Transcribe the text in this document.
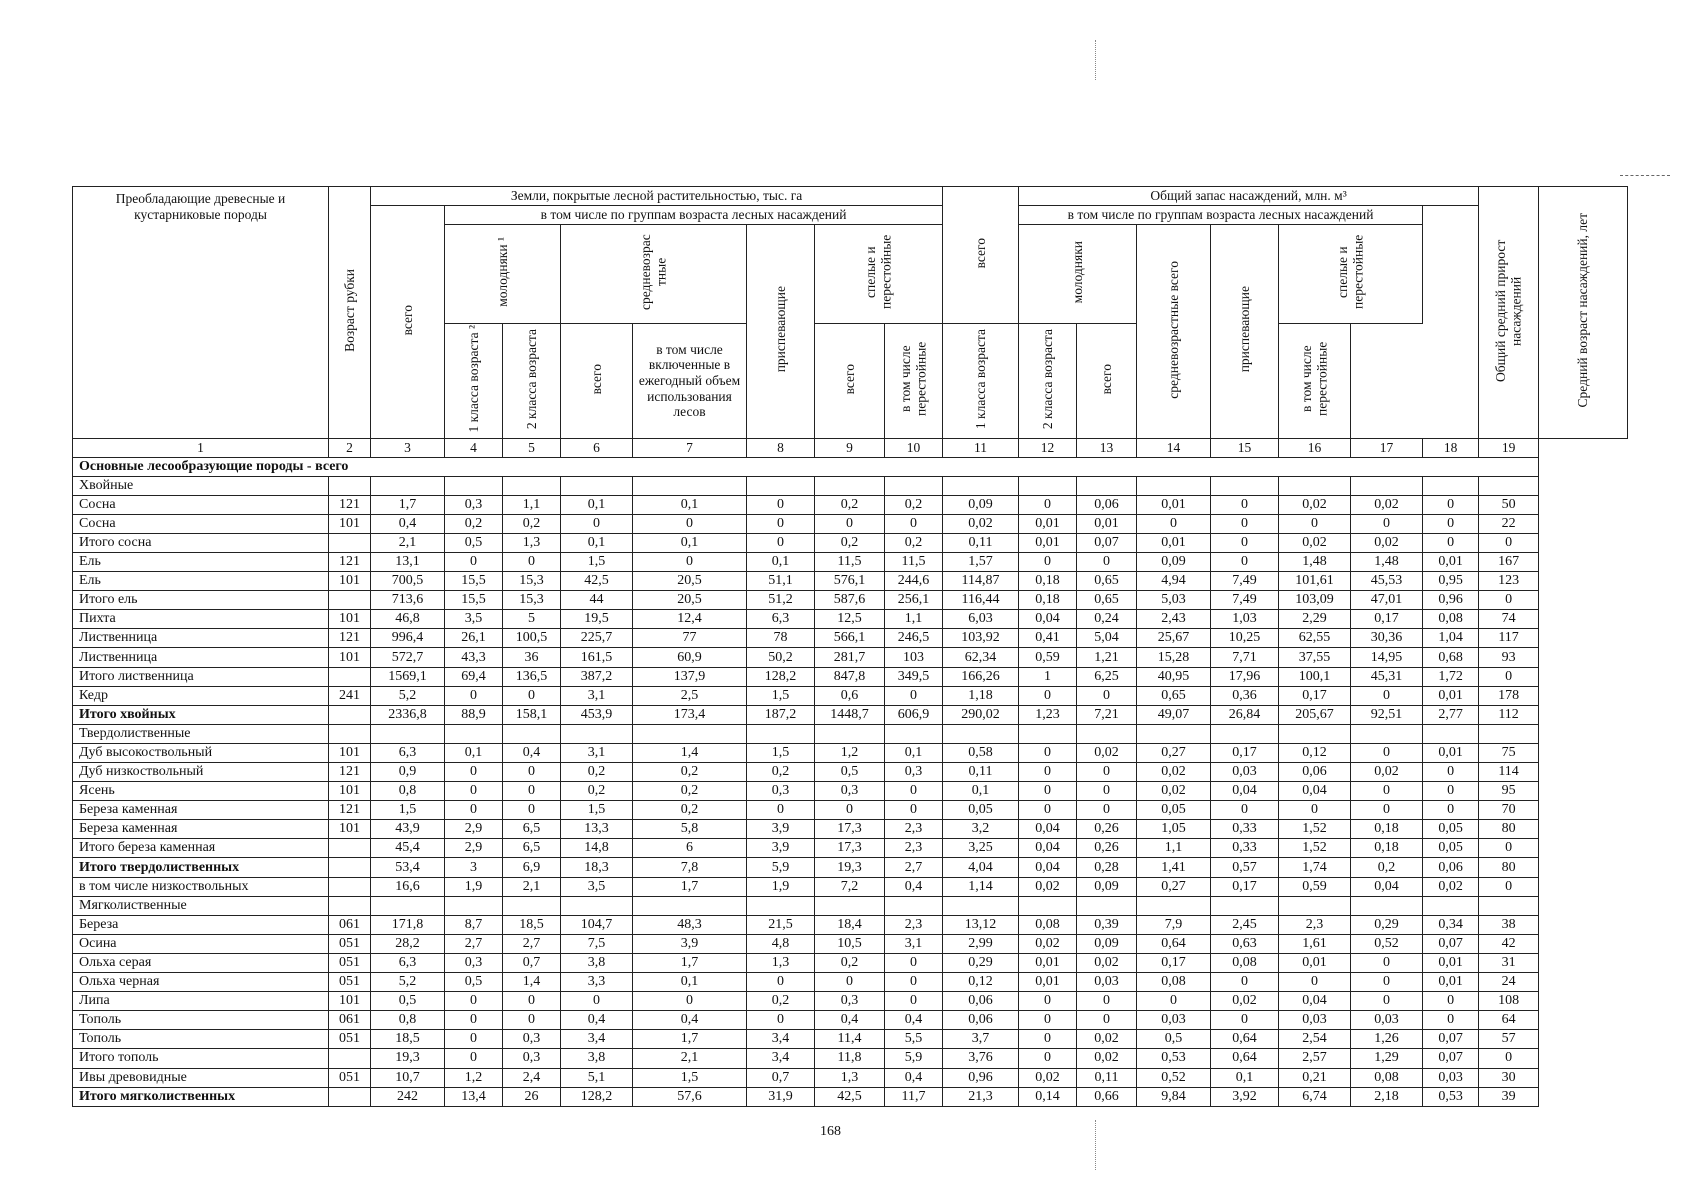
Преобладающие древесные и кустарниковые породы	Возраст рубки	Земли, покрытые лесной растительностью, тыс. га								всего	Общий запас насаждений, млн. м³							Общий средний прирост насаждений	Средний возраст насаждений, лет
		всего	в том числе по группам возраста лесных насаждений								в том числе по группам возраста лесных насаждений								
			молодняки ¹		средневозрас тные		приспевающие	спелые и перестойные			молодняки		средневозрастные всего	приспевающие	спелые и перестойные				
			1 класса возраста ²	2 класса возраста	всего	в том числе включенные в ежегодный объем использования лесов		всего	в том числе перестойные	1 класса возраста	2 класса возраста	всего			в том числе перестойные				
1	2	3	4	5	6	7	8	9	10	11	12	13	14	15	16	17	18	19	
Основные лесообразующие породы - всего																			
Хвойные																			
Сосна	121	1,7	0,3	1,1	0,1	0,1	0	0,2	0,2	0,09	0	0,06	0,01	0	0,02	0,02	0	50	
Сосна	101	0,4	0,2	0,2	0	0	0	0	0	0,02	0,01	0,01	0	0	0	0	0	22	
Итого сосна		2,1	0,5	1,3	0,1	0,1	0	0,2	0,2	0,11	0,01	0,07	0,01	0	0,02	0,02	0	0	
Ель	121	13,1	0	0	1,5	0	0,1	11,5	11,5	1,57	0	0	0,09	0	1,48	1,48	0,01	167	
Ель	101	700,5	15,5	15,3	42,5	20,5	51,1	576,1	244,6	114,87	0,18	0,65	4,94	7,49	101,61	45,53	0,95	123	
Итого ель		713,6	15,5	15,3	44	20,5	51,2	587,6	256,1	116,44	0,18	0,65	5,03	7,49	103,09	47,01	0,96	0	
Пихта	101	46,8	3,5	5	19,5	12,4	6,3	12,5	1,1	6,03	0,04	0,24	2,43	1,03	2,29	0,17	0,08	74	
Лиственница	121	996,4	26,1	100,5	225,7	77	78	566,1	246,5	103,92	0,41	5,04	25,67	10,25	62,55	30,36	1,04	117	
Лиственница	101	572,7	43,3	36	161,5	60,9	50,2	281,7	103	62,34	0,59	1,21	15,28	7,71	37,55	14,95	0,68	93	
Итого лиственница		1569,1	69,4	136,5	387,2	137,9	128,2	847,8	349,5	166,26	1	6,25	40,95	17,96	100,1	45,31	1,72	0	
Кедр	241	5,2	0	0	3,1	2,5	1,5	0,6	0	1,18	0	0	0,65	0,36	0,17	0	0,01	178	
Итого хвойных		2336,8	88,9	158,1	453,9	173,4	187,2	1448,7	606,9	290,02	1,23	7,21	49,07	26,84	205,67	92,51	2,77	112	
Твердолиственные																			
Дуб высокоствольный	101	6,3	0,1	0,4	3,1	1,4	1,5	1,2	0,1	0,58	0	0,02	0,27	0,17	0,12	0	0,01	75	
Дуб низкоствольный	121	0,9	0	0	0,2	0,2	0,2	0,5	0,3	0,11	0	0	0,02	0,03	0,06	0,02	0	114	
Ясень	101	0,8	0	0	0,2	0,2	0,3	0,3	0	0,1	0	0	0,02	0,04	0,04	0	0	95	
Береза каменная	121	1,5	0	0	1,5	0,2	0	0	0	0,05	0	0	0,05	0	0	0	0	70	
Береза каменная	101	43,9	2,9	6,5	13,3	5,8	3,9	17,3	2,3	3,2	0,04	0,26	1,05	0,33	1,52	0,18	0,05	80	
Итого береза каменная		45,4	2,9	6,5	14,8	6	3,9	17,3	2,3	3,25	0,04	0,26	1,1	0,33	1,52	0,18	0,05	0	
Итого твердолиственных		53,4	3	6,9	18,3	7,8	5,9	19,3	2,7	4,04	0,04	0,28	1,41	0,57	1,74	0,2	0,06	80	
в том числе низкоствольных		16,6	1,9	2,1	3,5	1,7	1,9	7,2	0,4	1,14	0,02	0,09	0,27	0,17	0,59	0,04	0,02	0	
Мягколиственные																			
Береза	061	171,8	8,7	18,5	104,7	48,3	21,5	18,4	2,3	13,12	0,08	0,39	7,9	2,45	2,3	0,29	0,34	38	
Осина	051	28,2	2,7	2,7	7,5	3,9	4,8	10,5	3,1	2,99	0,02	0,09	0,64	0,63	1,61	0,52	0,07	42	
Ольха серая	051	6,3	0,3	0,7	3,8	1,7	1,3	0,2	0	0,29	0,01	0,02	0,17	0,08	0,01	0	0,01	31	
Ольха черная	051	5,2	0,5	1,4	3,3	0,1	0	0	0	0,12	0,01	0,03	0,08	0	0	0	0,01	24	
Липа	101	0,5	0	0	0	0	0,2	0,3	0	0,06	0	0	0	0,02	0,04	0	0	108	
Тополь	061	0,8	0	0	0,4	0,4	0	0,4	0,4	0,06	0	0	0,03	0	0,03	0,03	0	64	
Тополь	051	18,5	0	0,3	3,4	1,7	3,4	11,4	5,5	3,7	0	0,02	0,5	0,64	2,54	1,26	0,07	57	
Итого тополь		19,3	0	0,3	3,8	2,1	3,4	11,8	5,9	3,76	0	0,02	0,53	0,64	2,57	1,29	0,07	0	
Ивы древовидные	051	10,7	1,2	2,4	5,1	1,5	0,7	1,3	0,4	0,96	0,02	0,11	0,52	0,1	0,21	0,08	0,03	30	
Итого мягколиственных		242	13,4	26	128,2	57,6	31,9	42,5	11,7	21,3	0,14	0,66	9,84	3,92	6,74	2,18	0,53	39	
168
